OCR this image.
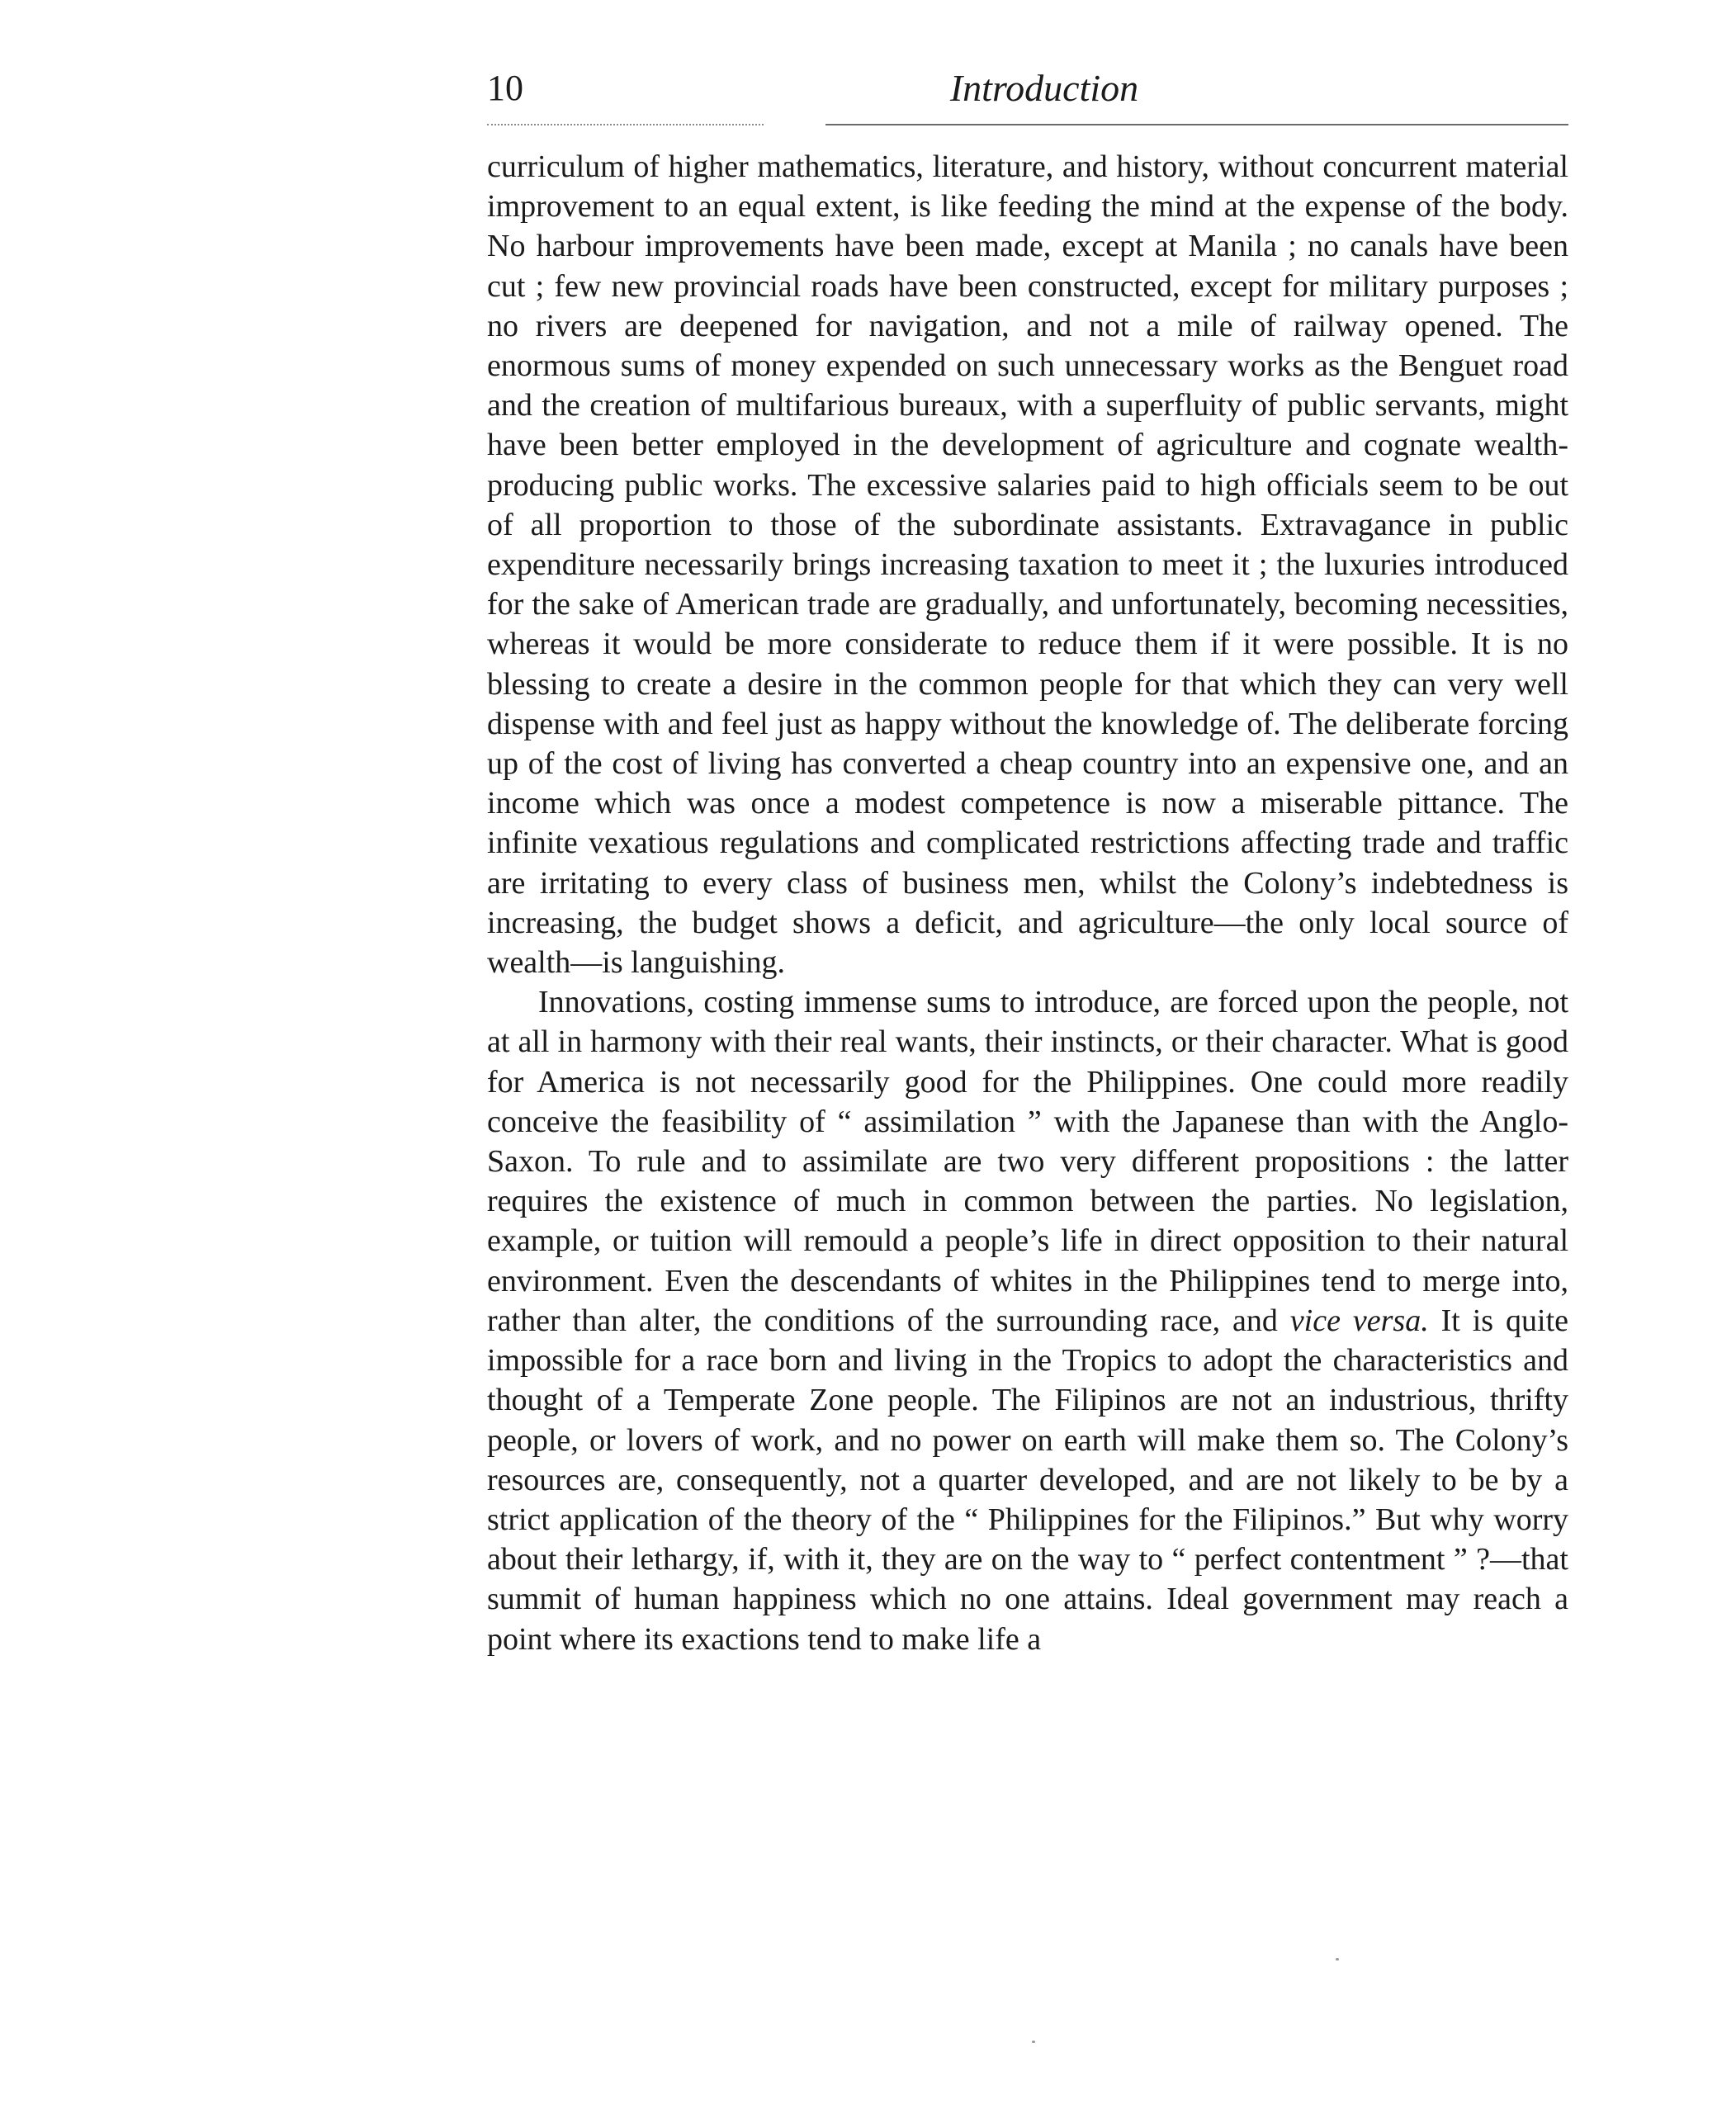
10	Introduction

curriculum of higher mathematics, literature, and history, without concurrent material improvement to an equal extent, is like feeding the mind at the expense of the body. No harbour improvements have been made, except at Manila ; no canals have been cut ; few new provincial roads have been constructed, except for military purposes ; no rivers are deepened for navigation, and not a mile of railway opened. The enormous sums of money expended on such unnecessary works as the Benguet road and the creation of multifarious bureaux, with a superfluity of public servants, might have been better employed in the development of agriculture and cognate wealth-producing public works. The excessive salaries paid to high officials seem to be out of all proportion to those of the subordinate assistants. Extravagance in public expenditure necessarily brings increasing taxation to meet it ; the luxuries introduced for the sake of American trade are gradually, and unfortunately, becoming necessities, whereas it would be more considerate to reduce them if it were possible. It is no blessing to create a desire in the common people for that which they can very well dispense with and feel just as happy without the knowledge of. The deliberate forcing up of the cost of living has converted a cheap country into an expensive one, and an income which was once a modest competence is now a miserable pittance. The infinite vexatious regulations and complicated restrictions affecting trade and traffic are irritating to every class of business men, whilst the Colony’s indebtedness is increasing, the budget shows a deficit, and agriculture—the only local source of wealth—is languishing.

Innovations, costing immense sums to introduce, are forced upon the people, not at all in harmony with their real wants, their instincts, or their character. What is good for America is not necessarily good for the Philippines. One could more readily conceive the feasibility of “ assimilation ” with the Japanese than with the Anglo-Saxon. To rule and to assimilate are two very different propositions : the latter requires the existence of much in common between the parties. No legislation, example, or tuition will remould a people’s life in direct opposition to their natural environment. Even the descendants of whites in the Philippines tend to merge into, rather than alter, the conditions of the surrounding race, and vice versa. It is quite impossible for a race born and living in the Tropics to adopt the characteristics and thought of a Temperate Zone people. The Filipinos are not an industrious, thrifty people, or lovers of work, and no power on earth will make them so. The Colony’s resources are, consequently, not a quarter developed, and are not likely to be by a strict application of the theory of the “ Philippines for the Filipinos.” But why worry about their lethargy, if, with it, they are on the way to “ perfect contentment ” ?—that summit of human happiness which no one attains. Ideal government may reach a point where its exactions tend to make life a
